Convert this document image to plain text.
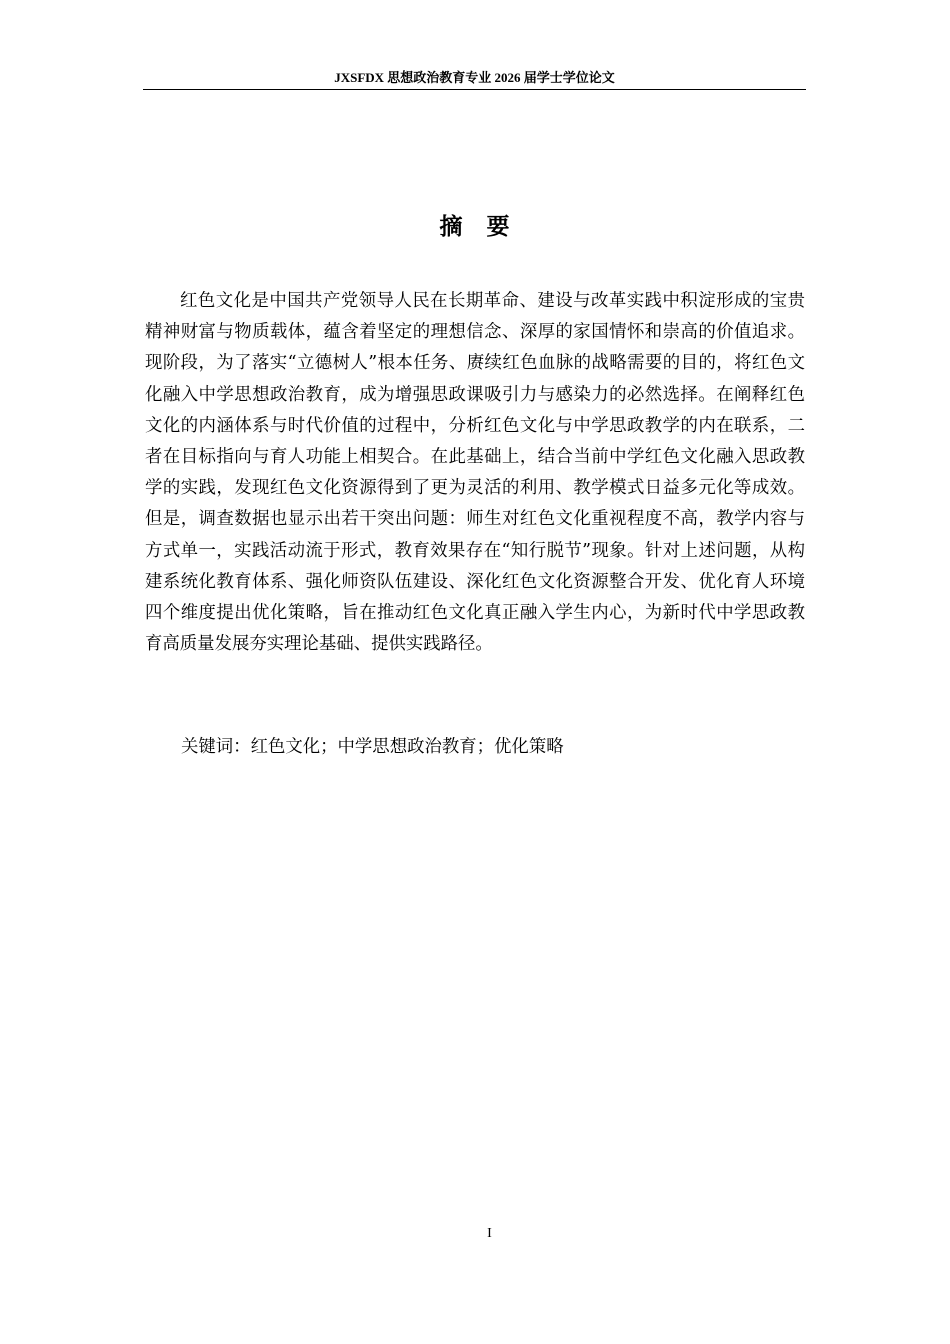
JXSFDX 思想政治教育专业 2026 届学士学位论文
摘要

红色文化是中国共产党领导人民在长期革命、建设与改革实践中积淀形成的宝贵精神财富与物质载体，蕴含着坚定的理想信念、深厚的家国情怀和崇高的价值追求。现阶段，为了落实“立德树人”根本任务、赓续红色血脉的战略需要的目的，将红色文化融入中学思想政治教育，成为增强思政课吸引力与感染力的必然选择。在阐释红色文化的内涵体系与时代价值的过程中，分析红色文化与中学思政教学的内在联系，二者在目标指向与育人功能上相契合。在此基础上，结合当前中学红色文化融入思政教学的实践，发现红色文化资源得到了更为灵活的利用、教学模式日益多元化等成效。但是，调查数据也显示出若干突出问题：师生对红色文化重视程度不高，教学内容与方式单一，实践活动流于形式，教育效果存在“知行脱节”现象。针对上述问题，从构建系统化教育体系、强化师资队伍建设、深化红色文化资源整合开发、优化育人环境四个维度提出优化策略，旨在推动红色文化真正融入学生内心，为新时代中学思政教育高质量发展夯实理论基础、提供实践路径。

关键词：红色文化；中学思想政治教育；优化策略
I
